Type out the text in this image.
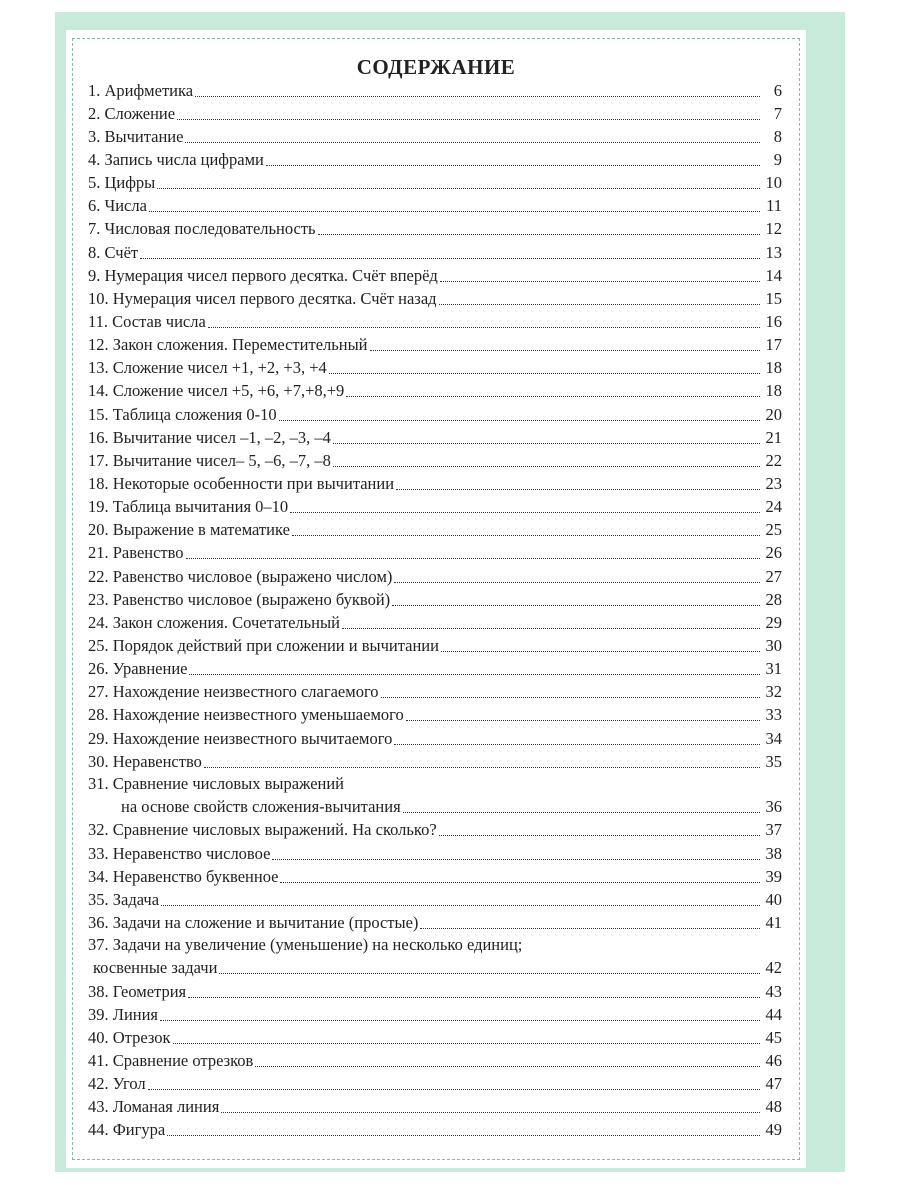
СОДЕРЖАНИЕ
1. Арифметика	6
2. Сложение	7
3. Вычитание	8
4. Запись числа цифрами	9
5. Цифры	10
6. Числа	11
7. Числовая последовательность	12
8. Счёт	13
9. Нумерация чисел первого десятка. Счёт вперёд	14
10. Нумерация чисел первого десятка. Счёт назад	15
11. Состав числа	16
12. Закон сложения. Переместительный	17
13. Сложение чисел +1, +2, +3, +4	18
14. Сложение чисел +5, +6, +7,+8,+9	18
15. Таблица сложения 0-10	20
16. Вычитание чисел –1, –2, –3, –4	21
17. Вычитание чисел– 5, –6, –7, –8	22
18. Некоторые особенности при вычитании	23
19. Таблица вычитания 0–10	24
20. Выражение в математике	25
21. Равенство	26
22. Равенство числовое (выражено числом)	27
23. Равенство числовое (выражено буквой)	28
24. Закон сложения. Сочетательный	29
25. Порядок действий при сложении и вычитании	30
26. Уравнение	31
27. Нахождение неизвестного слагаемого	32
28. Нахождение неизвестного уменьшаемого	33
29. Нахождение неизвестного вычитаемого	34
30. Неравенство	35
31. Сравнение числовых выражений
на основе свойств сложения-вычитания	36
32. Сравнение числовых выражений. На сколько?	37
33. Неравенство числовое	38
34. Неравенство буквенное	39
35. Задача	40
36. Задачи на сложение и вычитание (простые)	41
37. Задачи на увеличение (уменьшение) на несколько единиц;
косвенные задачи	42
38. Геометрия	43
39. Линия	44
40. Отрезок	45
41. Сравнение отрезков	46
42. Угол	47
43. Ломаная линия	48
44. Фигура	49
